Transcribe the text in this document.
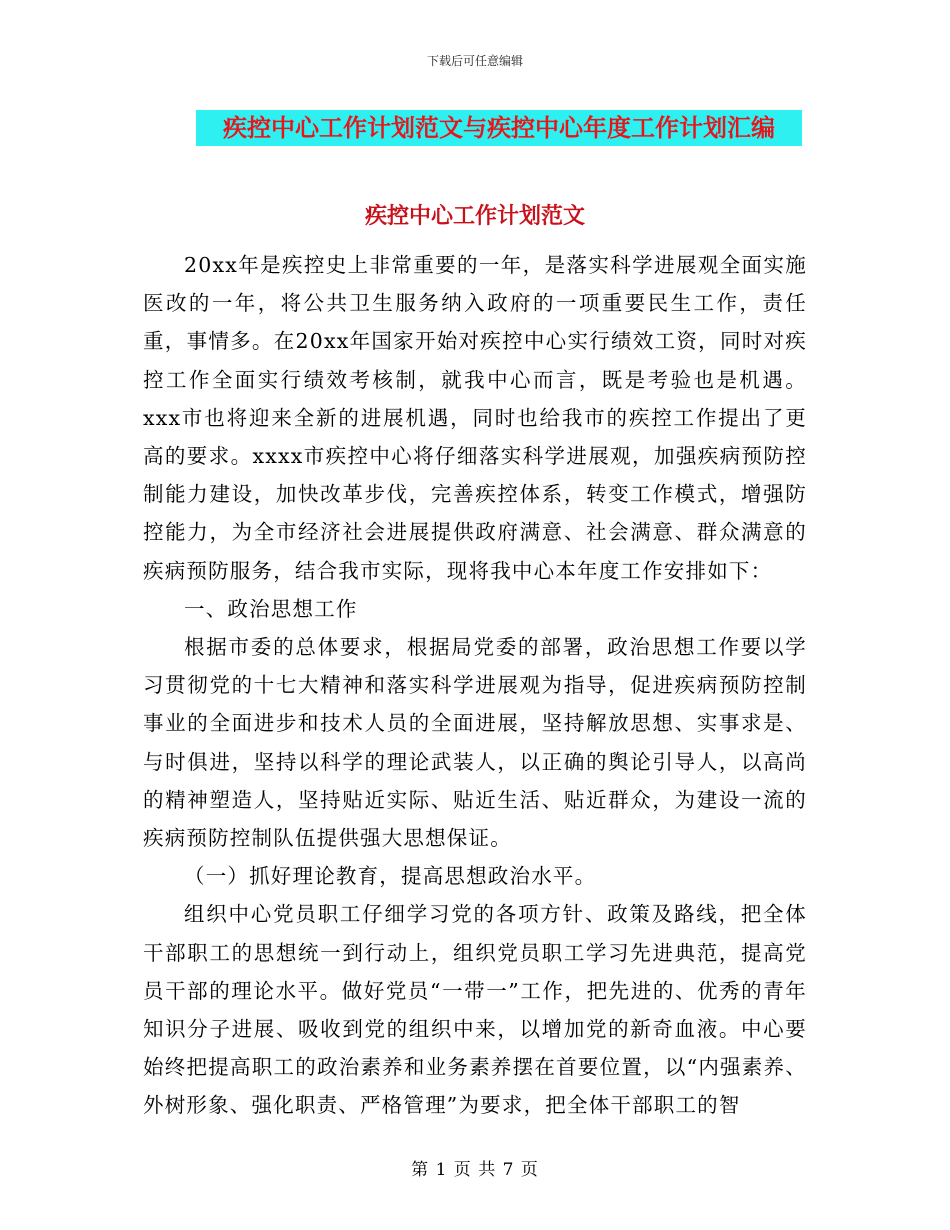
下载后可任意编辑
疾控中心工作计划范文与疾控中心年度工作计划汇编
疾控中心工作计划范文

20xx年是疾控史上非常重要的一年，是落实科学进展观全面实施医改的一年，将公共卫生服务纳入政府的一项重要民生工作，责任重，事情多。在20xx年国家开始对疾控中心实行绩效工资，同时对疾控工作全面实行绩效考核制，就我中心而言，既是考验也是机遇。xxx市也将迎来全新的进展机遇，同时也给我市的疾控工作提出了更高的要求。xxxx市疾控中心将仔细落实科学进展观，加强疾病预防控制能力建设，加快改革步伐，完善疾控体系，转变工作模式，增强防控能力，为全市经济社会进展提供政府满意、社会满意、群众满意的疾病预防服务，结合我市实际，现将我中心本年度工作安排如下：

一、政治思想工作

根据市委的总体要求，根据局党委的部署，政治思想工作要以学习贯彻党的十七大精神和落实科学进展观为指导，促进疾病预防控制事业的全面进步和技术人员的全面进展，坚持解放思想、实事求是、与时俱进，坚持以科学的理论武装人，以正确的舆论引导人，以高尚的精神塑造人，坚持贴近实际、贴近生活、贴近群众，为建设一流的疾病预防控制队伍提供强大思想保证。

（一）抓好理论教育，提高思想政治水平。

组织中心党员职工仔细学习党的各项方针、政策及路线，把全体干部职工的思想统一到行动上，组织党员职工学习先进典范，提高党员干部的理论水平。做好党员“一带一”工作，把先进的、优秀的青年知识分子进展、吸收到党的组织中来，以增加党的新奇血液。中心要始终把提高职工的政治素养和业务素养摆在首要位置，以“内强素养、外树形象、强化职责、严格管理”为要求，把全体干部职工的智

第 1 页 共 7 页
